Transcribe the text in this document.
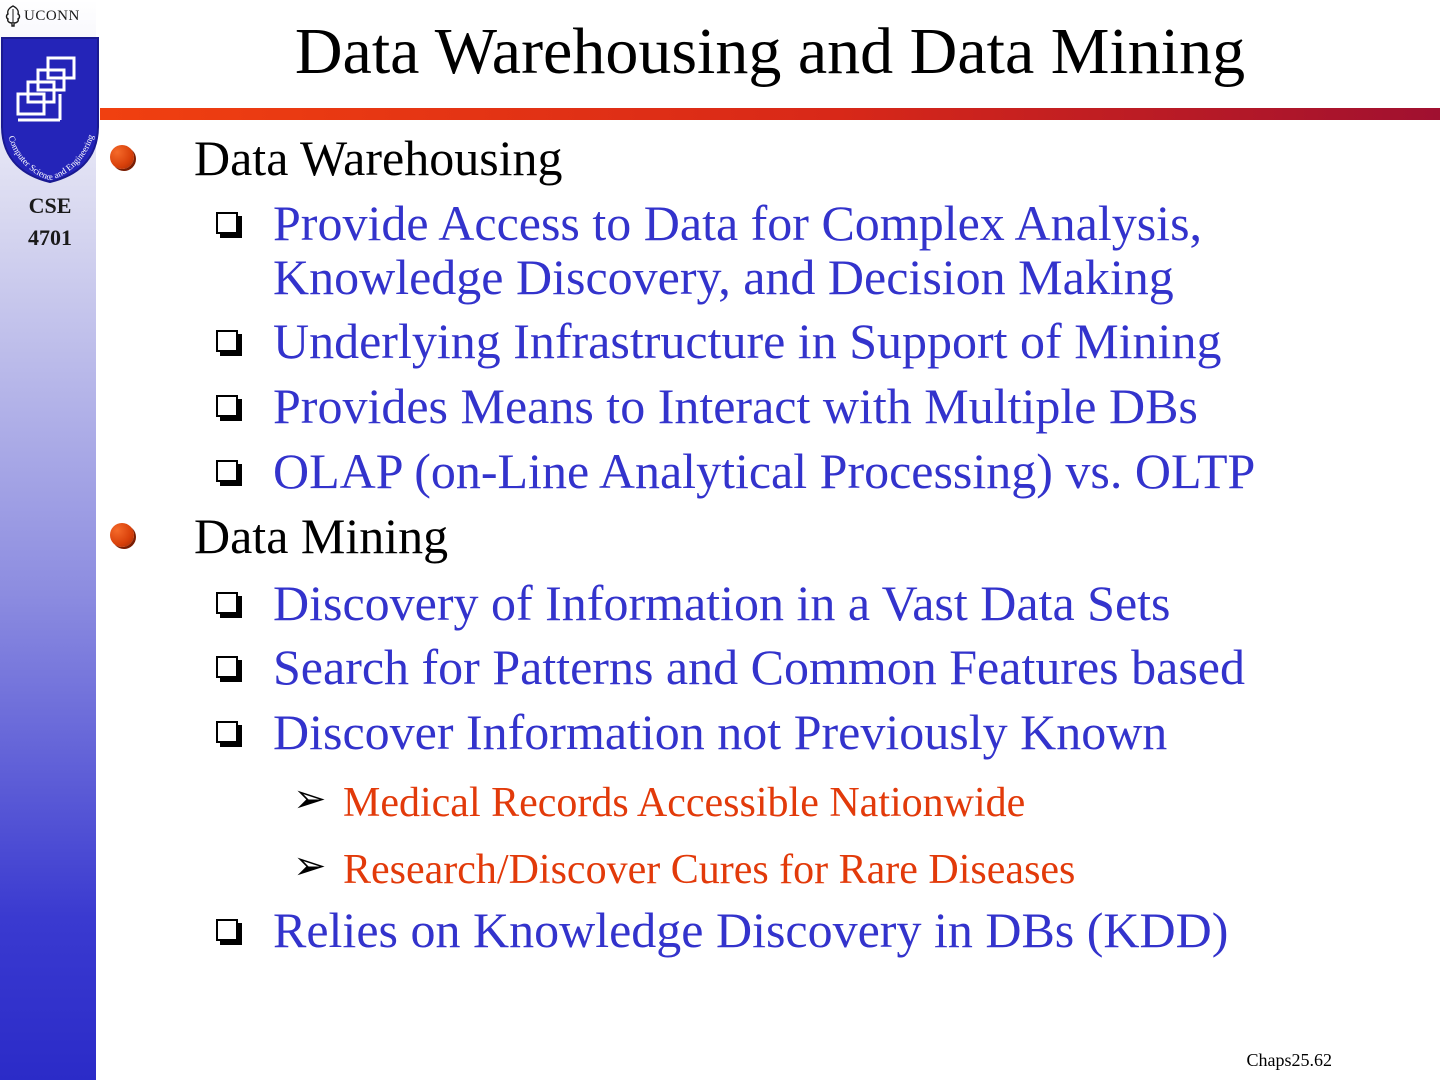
UCONN
Computer Science and Engineering
CSE
4701
Data Warehousing and Data Mining
Data Warehousing
Provide Access to Data for Complex Analysis, Knowledge Discovery, and Decision Making
Underlying Infrastructure in Support of Mining
Provides Means to Interact with Multiple DBs
OLAP (on-Line Analytical Processing) vs. OLTP
Data Mining
Discovery of Information in a Vast Data Sets
Search for Patterns and Common Features based
Discover Information not Previously Known
➢ Medical Records Accessible Nationwide
➢ Research/Discover Cures for Rare Diseases
Relies on Knowledge Discovery in DBs (KDD)
Chaps25.62
